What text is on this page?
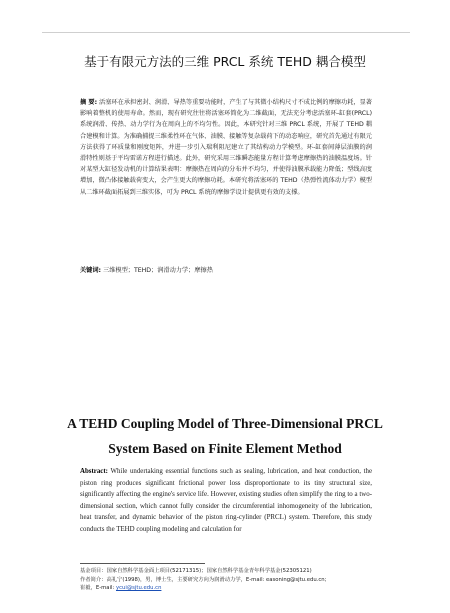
基于有限元方法的三维 PRCL 系统 TEHD 耦合模型
摘 要: 活塞环在承担密封、润滑、导热等重要功能时，产生了与其微小结构尺寸不成比例的摩擦功耗，显著影响着整机的使用寿命。然而，现有研究往往将活塞环简化为二维截面，无法充分考虑活塞环-缸套(PRCL)系统润滑、传热、动力学行为在周向上的不均匀性。因此，本研究针对三维 PRCL 系统，开展了 TEHD 耦合建模和计算。为准确捕捉三维柔性环在气体、油膜、接触等复杂载荷下的动态响应，研究首先通过有限元方法获得了环质量和刚度矩阵，并进一步引入瑞利阻尼建立了其结构动力学模型。环-缸套间薄层油膜的润滑特性则基于平均雷诺方程进行描述。此外，研究采用三维瞬态能量方程计算考虑摩擦热的油膜温度场。针对某型大缸径发动机的计算结果表明：摩擦热在周向的分布并不均匀，并使得油膜承载能力降低；型线高度增加，微凸体接触载荷变大，会产生更大的摩擦功耗。本研究将活塞环的 TEHD（热弹性流体动力学）模型从二维环截面拓展到三维实体，可为 PRCL 系统的摩擦学设计提供更有效的支撑。
关键词: 三维模型；TEHD；润滑动力学；摩擦热
A TEHD Coupling Model of Three-Dimensional PRCL
System Based on Finite Element Method
Abstract: While undertaking essential functions such as sealing, lubrication, and heat conduction, the piston ring produces significant frictional power loss disproportionate to its tiny structural size, significantly affecting the engine's service life. However, existing studies often simplify the ring to a two-dimensional section, which cannot fully consider the circumferential inhomogeneity of the lubrication, heat transfer, and dynamic behavior of the piston ring-cylinder (PRCL) system. Therefore, this study conducts the TEHD coupling modeling and calculation for
基金项目：国家自然科学基金面上项目(52171315)；国家自然科学基金青年科学基金(52305121)
作者简介：高礼宁(1998)，男，博士生，主要研究方向为润滑动力学，E-mail: easoning@sjtu.edu.cn;
崔毅，E-mail: ycui@sjtu.edu.cn
